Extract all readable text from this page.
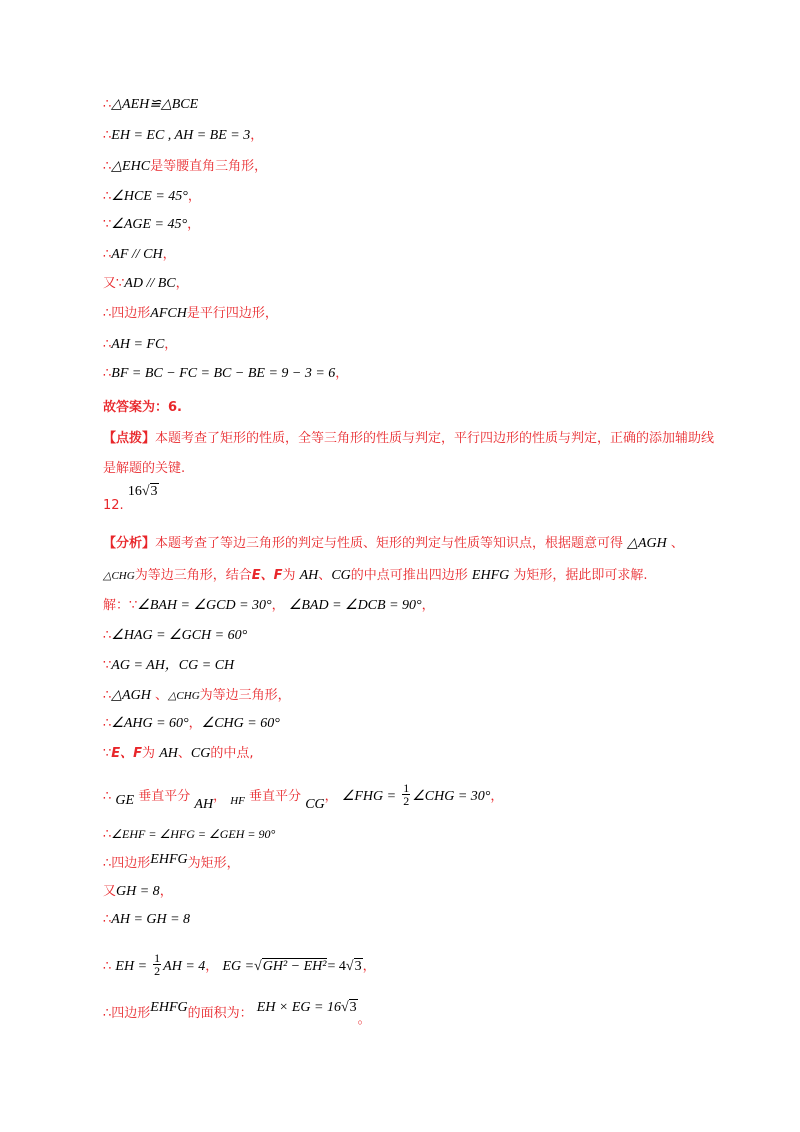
∴△AEH≌△BCE
∴EH = EC , AH = BE = 3，
∴△EHC是等腰直角三角形，
∴∠HCE = 45°，
∵∠AGE = 45°，
∴AF // CH，
又∵AD // BC，
∴四边形AFCH是平行四边形，
∴AH = FC，
∴BF = BC − FC = BC − BE = 9 − 3 = 6，
故答案为：6.
【点拨】本题考查了矩形的性质，全等三角形的性质与判定，平行四边形的性质与判定，正确的添加辅助线是解题的关键.
12. 16√3
【分析】本题考查了等边三角形的判定与性质、矩形的判定与性质等知识点，根据题意可得 △AGH 、
△CHG为等边三角形，结合E、F为 AH、CG的中点可推出四边形 EHFG 为矩形，据此即可求解.
解：∵∠BAH = ∠GCD = 30°， ∠BAD = ∠DCB = 90°，
∴∠HAG = ∠GCH = 60°
∵AG = AH，CG = CH
∴△AGH 、△CHG为等边三角形，
∴∠AHG = 60°，∠CHG = 60°
∵E、F为 AH、CG的中点,
∴ GE 垂直平分 AH， $_{HF}$ 垂直平分 CG， ∠FHG = $\frac{1}{2}$ ∠CHG = 30°，
∴∠EHF = ∠HFG = ∠GEH = 90°
∴四边形EHFG为矩形，
又GH = 8，
∴AH = GH = 8
∴ EH = $\frac{1}{2}$ AH = 4， EG =√GH² − EH²= 4√3，
∴四边形EHFG的面积为： EH × EG = 16√3。
